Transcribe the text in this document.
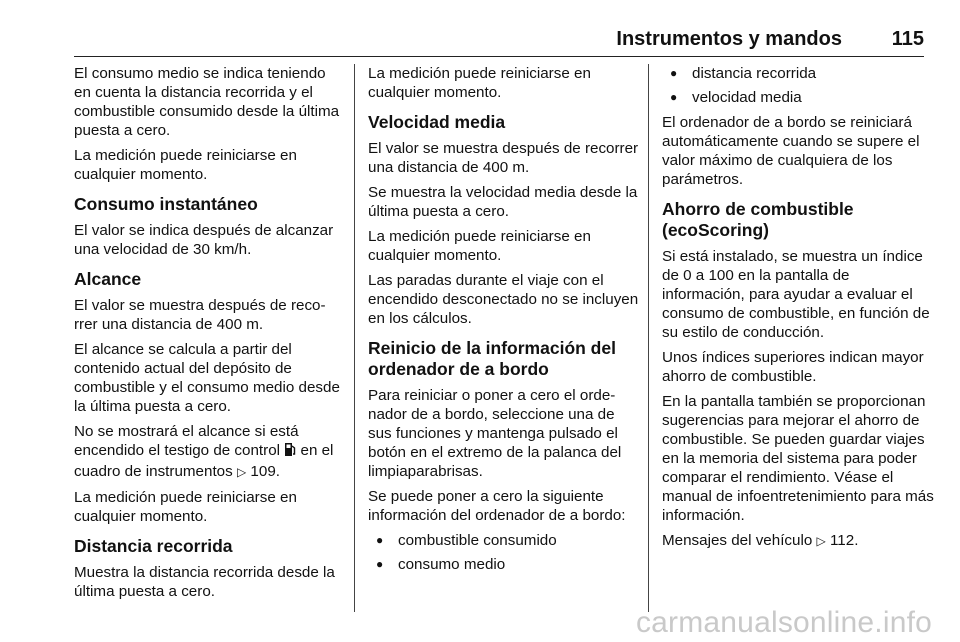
Instrumentos y mandos 115

El consumo medio se indica teniendo en cuenta la distancia recorrida y el combustible consumido desde la última puesta a cero.

La medición puede reiniciarse en cualquier momento.

Consumo instantáneo

El valor se indica después de alcanzar una velocidad de 30 km/h.

Alcance

El valor se muestra después de recorrer una distancia de 400 m.

El alcance se calcula a partir del contenido actual del depósito de combustible y el consumo medio desde la última puesta a cero.

No se mostrará el alcance si está encendido el testigo de control en el cuadro de instrumentos ▷ 109.

La medición puede reiniciarse en cualquier momento.

Distancia recorrida

Muestra la distancia recorrida desde la última puesta a cero.

La medición puede reiniciarse en cualquier momento.

Velocidad media

El valor se muestra después de recorrer una distancia de 400 m.

Se muestra la velocidad media desde la última puesta a cero.

La medición puede reiniciarse en cualquier momento.

Las paradas durante el viaje con el encendido desconectado no se incluyen en los cálculos.

Reinicio de la información del ordenador de a bordo

Para reiniciar o poner a cero el ordenador de a bordo, seleccione una de sus funciones y mantenga pulsado el botón en el extremo de la palanca del limpiaparabrisas.

Se puede poner a cero la siguiente información del ordenador de a bordo:

● combustible consumido
● consumo medio
● distancia recorrida
● velocidad media

El ordenador de a bordo se reiniciará automáticamente cuando se supere el valor máximo de cualquiera de los parámetros.

Ahorro de combustible (ecoScoring)

Si está instalado, se muestra un índice de 0 a 100 en la pantalla de información, para ayudar a evaluar el consumo de combustible, en función de su estilo de conducción.

Unos índices superiores indican mayor ahorro de combustible.

En la pantalla también se proporcionan sugerencias para mejorar el ahorro de combustible. Se pueden guardar viajes en la memoria del sistema para poder comparar el rendimiento. Véase el manual de infoentretenimiento para más información.

Mensajes del vehículo ▷ 112.

carmanualsonline.info
